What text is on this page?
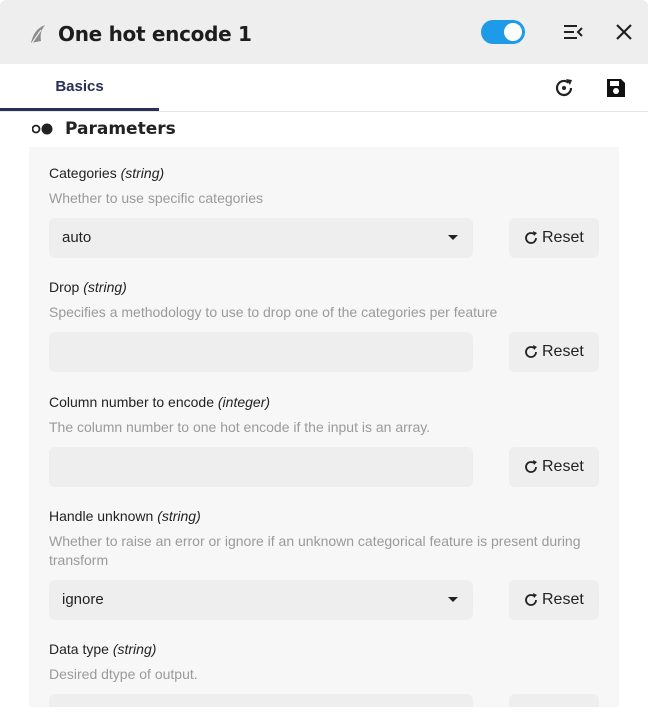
One hot encode 1
Basics
Parameters
Categories (string)
Whether to use specific categories
auto	Reset
Drop (string)
Specifies a methodology to use to drop one of the categories per feature
Reset
Column number to encode (integer)
The column number to one hot encode if the input is an array.
Reset
Handle unknown (string)
Whether to raise an error or ignore if an unknown categorical feature is present during transform
ignore	Reset
Data type (string)
Desired dtype of output.
